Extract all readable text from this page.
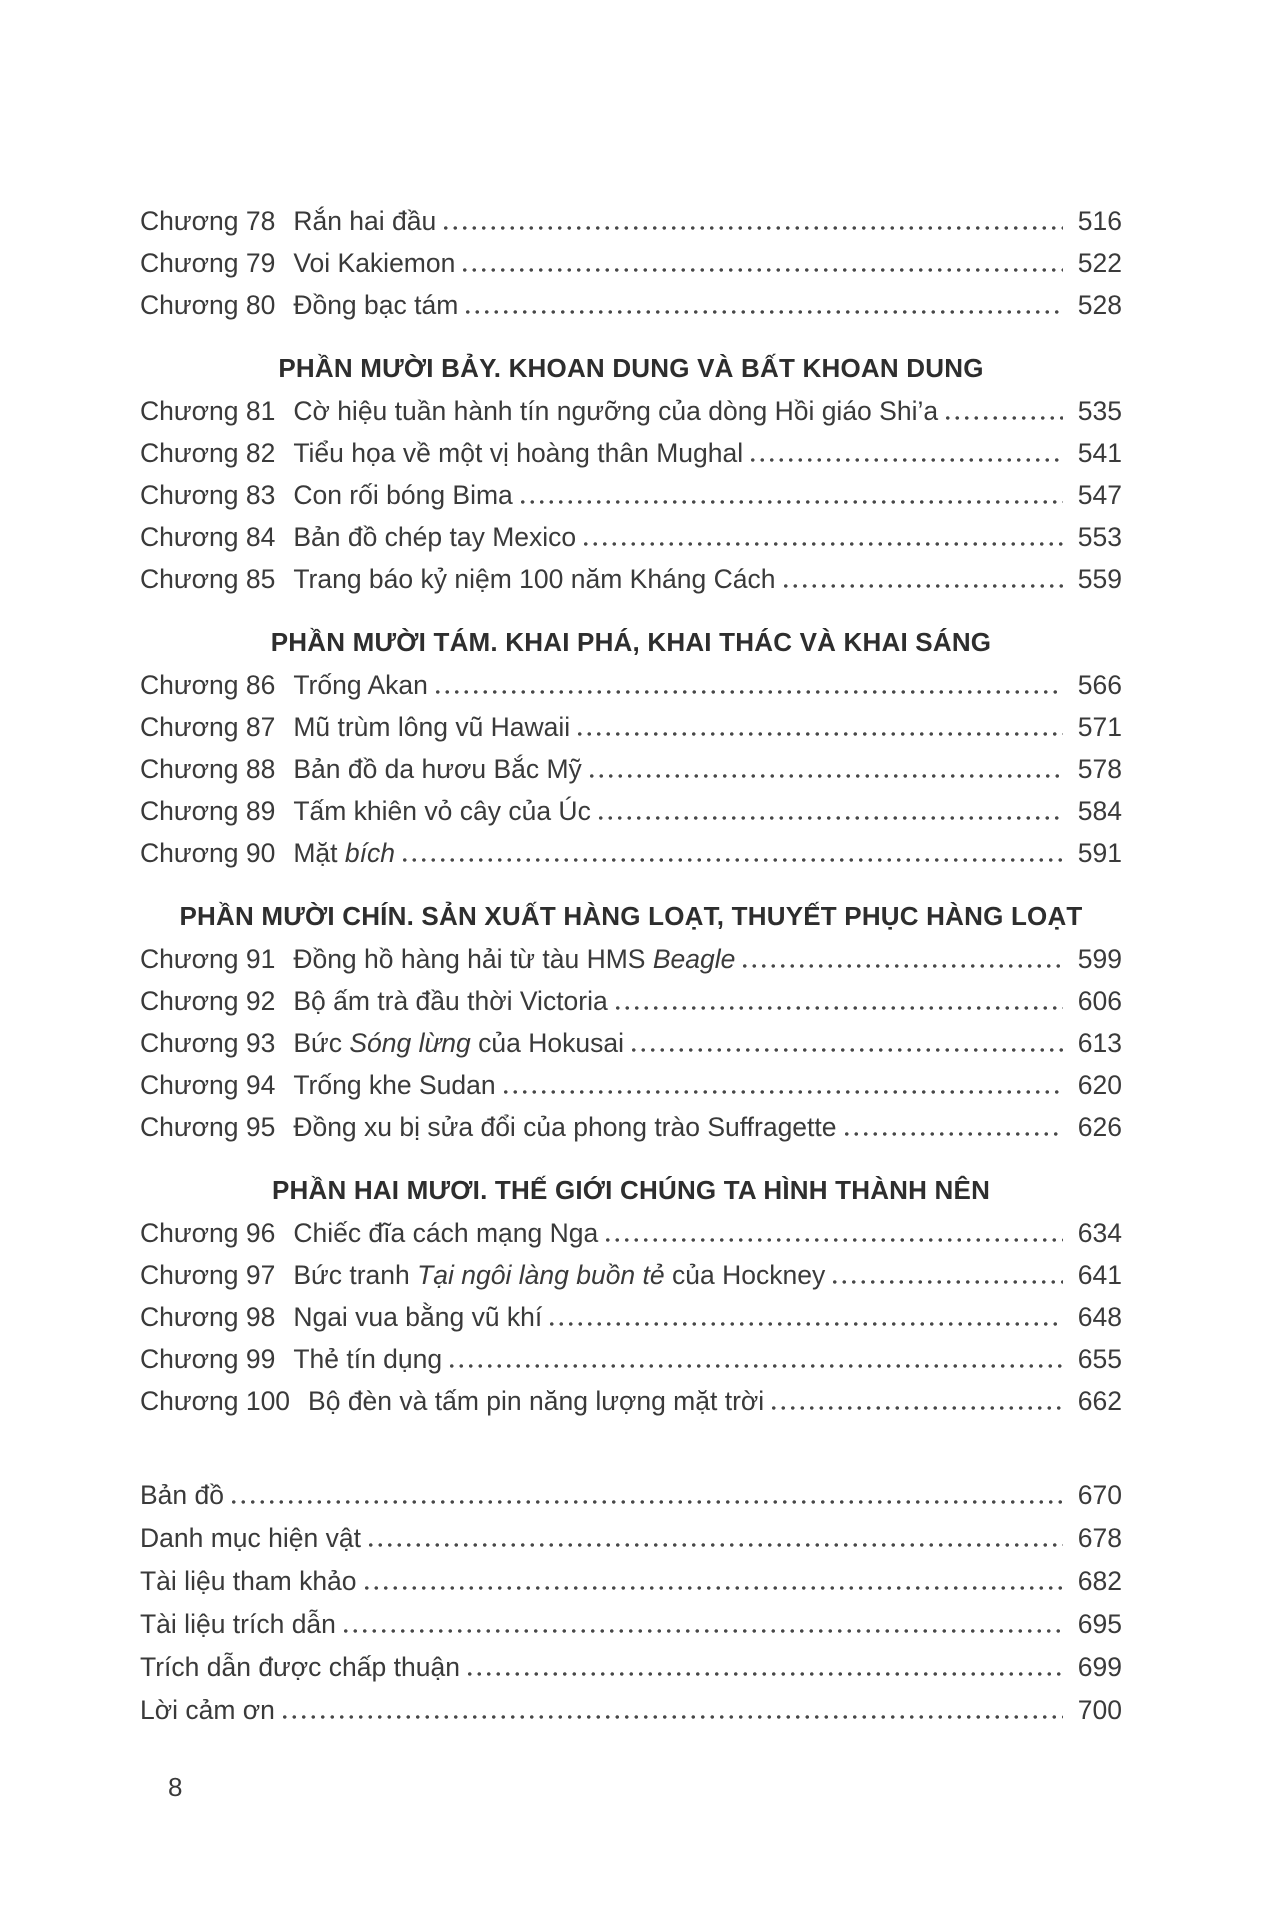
Chương 78 Rắn hai đầu	516
Chương 79 Voi Kakiemon	522
Chương 80 Đồng bạc tám	528
PHẦN MƯỜI BẢY. KHOAN DUNG VÀ BẤT KHOAN DUNG
Chương 81 Cờ hiệu tuần hành tín ngưỡng của dòng Hồi giáo Shi’a	535
Chương 82 Tiểu họa về một vị hoàng thân Mughal	541
Chương 83 Con rối bóng Bima	547
Chương 84 Bản đồ chép tay Mexico	553
Chương 85 Trang báo kỷ niệm 100 năm Kháng Cách	559
PHẦN MƯỜI TÁM. KHAI PHÁ, KHAI THÁC VÀ KHAI SÁNG
Chương 86 Trống Akan	566
Chương 87 Mũ trùm lông vũ Hawaii	571
Chương 88 Bản đồ da hươu Bắc Mỹ	578
Chương 89 Tấm khiên vỏ cây của Úc	584
Chương 90 Mặt bích	591
PHẦN MƯỜI CHÍN. SẢN XUẤT HÀNG LOẠT, THUYẾT PHỤC HÀNG LOẠT
Chương 91 Đồng hồ hàng hải từ tàu HMS Beagle	599
Chương 92 Bộ ấm trà đầu thời Victoria	606
Chương 93 Bức Sóng lừng của Hokusai	613
Chương 94 Trống khe Sudan	620
Chương 95 Đồng xu bị sửa đổi của phong trào Suffragette	626
PHẦN HAI MƯƠI. THẾ GIỚI CHÚNG TA HÌNH THÀNH NÊN
Chương 96 Chiếc đĩa cách mạng Nga	634
Chương 97 Bức tranh Tại ngôi làng buồn tẻ của Hockney	641
Chương 98 Ngai vua bằng vũ khí	648
Chương 99 Thẻ tín dụng	655
Chương 100 Bộ đèn và tấm pin năng lượng mặt trời	662
Bản đồ	670
Danh mục hiện vật	678
Tài liệu tham khảo	682
Tài liệu trích dẫn	695
Trích dẫn được chấp thuận	699
Lời cảm ơn	700
8
